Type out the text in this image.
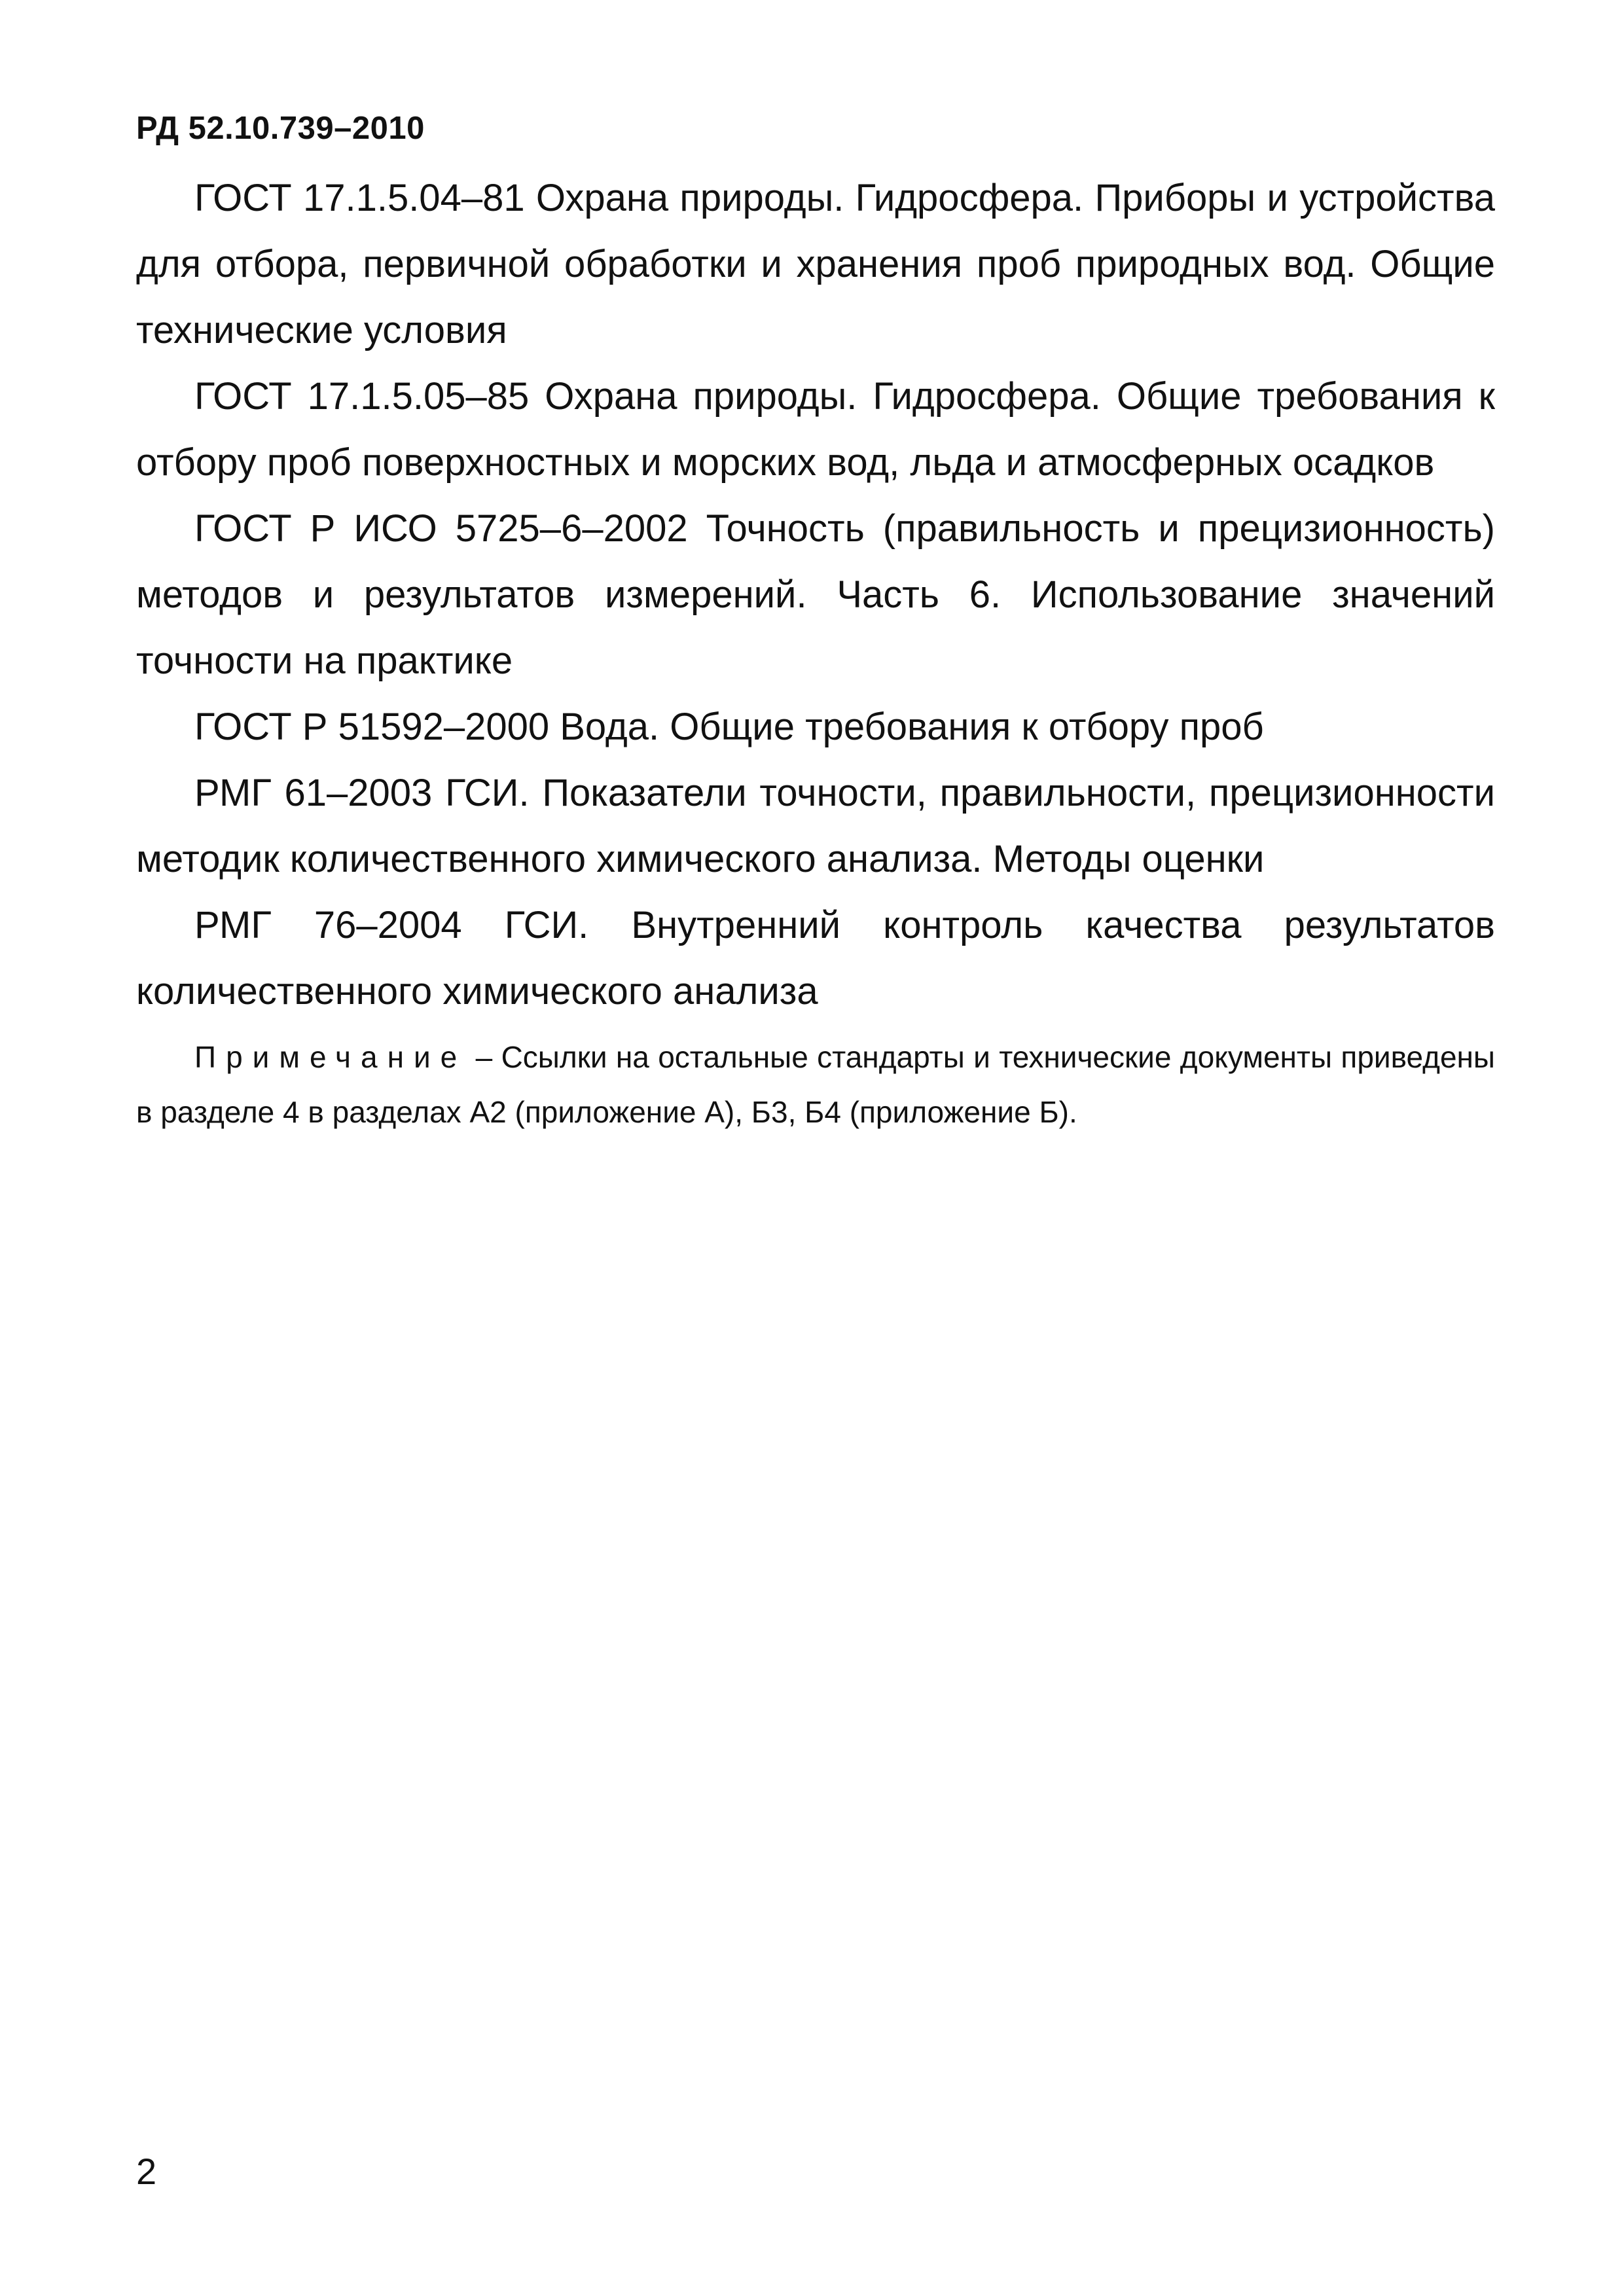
РД 52.10.739–2010

ГОСТ 17.1.5.04–81 Охрана природы. Гидросфера. Приборы и устройства для отбора, первичной обработки и хранения проб природных вод. Общие технические условия

ГОСТ 17.1.5.05–85 Охрана природы. Гидросфера. Общие требования к отбору проб поверхностных и морских вод, льда и атмосферных осадков

ГОСТ Р ИСО 5725–6–2002 Точность (правильность и прецизионность) методов и результатов измерений. Часть 6. Использование значений точности на практике

ГОСТ Р 51592–2000 Вода. Общие требования к отбору проб

РМГ 61–2003 ГСИ. Показатели точности, правильности, прецизионности методик количественного химического анализа. Методы оценки

РМГ 76–2004 ГСИ. Внутренний контроль качества результатов количественного химического анализа

Примечание – Ссылки на остальные стандарты и технические документы приведены в разделе 4 в разделах А2 (приложение А), Б3, Б4 (приложение Б).

2
